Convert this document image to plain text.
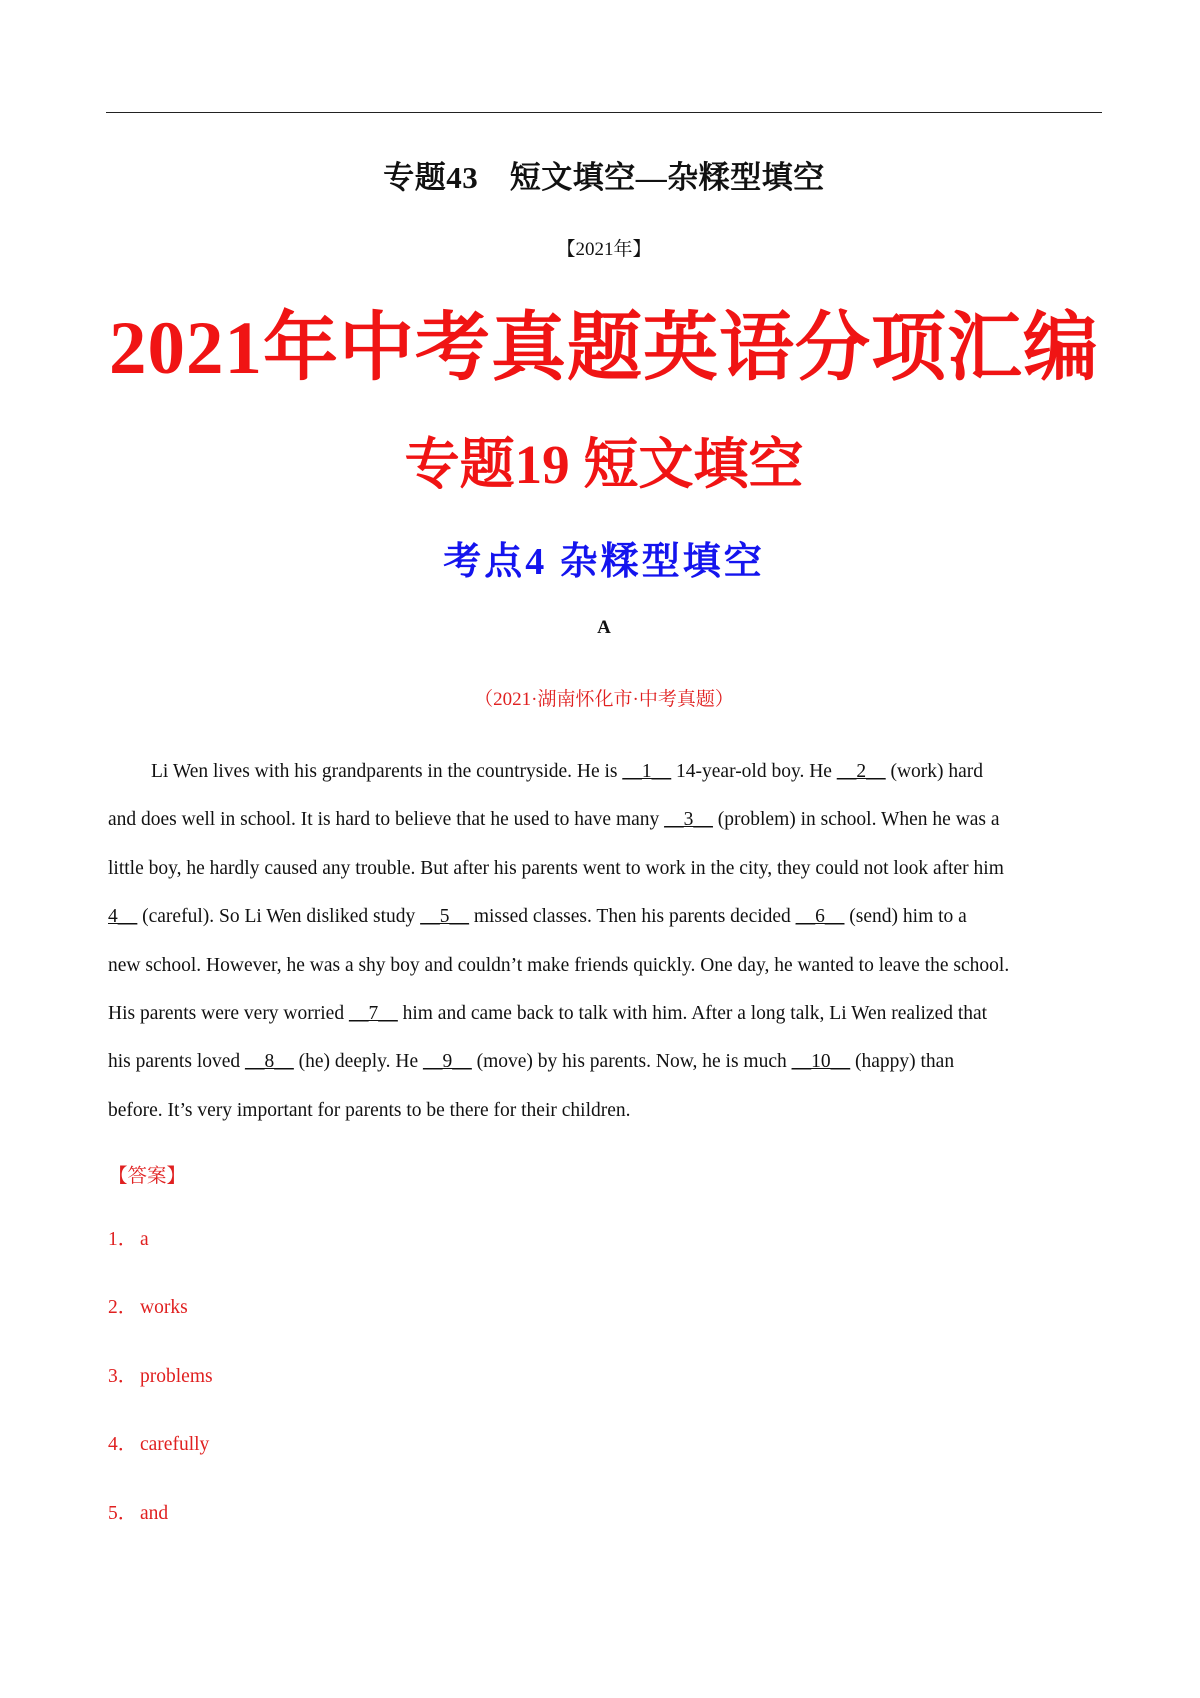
专题43　短文填空—杂糅型填空
【2021年】
2021年中考真题英语分项汇编
专题19 短文填空
考点4 杂糅型填空
A
（2021·湖南怀化市·中考真题）
Li Wen lives with his grandparents in the countryside. He is __1__ 14-year-old boy. He __2__ (work) hard
and does well in school. It is hard to believe that he used to have many __3__ (problem) in school. When he was a
little boy, he hardly caused any trouble. But after his parents went to work in the city, they could not look after him
4__ (careful). So Li Wen disliked study __5__ missed classes. Then his parents decided __6__ (send) him to a
new school. However, he was a shy boy and couldn’t make friends quickly. One day, he wanted to leave the school.
His parents were very worried __7__ him and came back to talk with him. After a long talk, Li Wen realized that
his parents loved __8__ (he) deeply. He __9__ (move) by his parents. Now, he is much __10__ (happy) than
before. It’s very important for parents to be there for their children.
【答案】
1． a
2． works
3． problems
4． carefully
5． and
